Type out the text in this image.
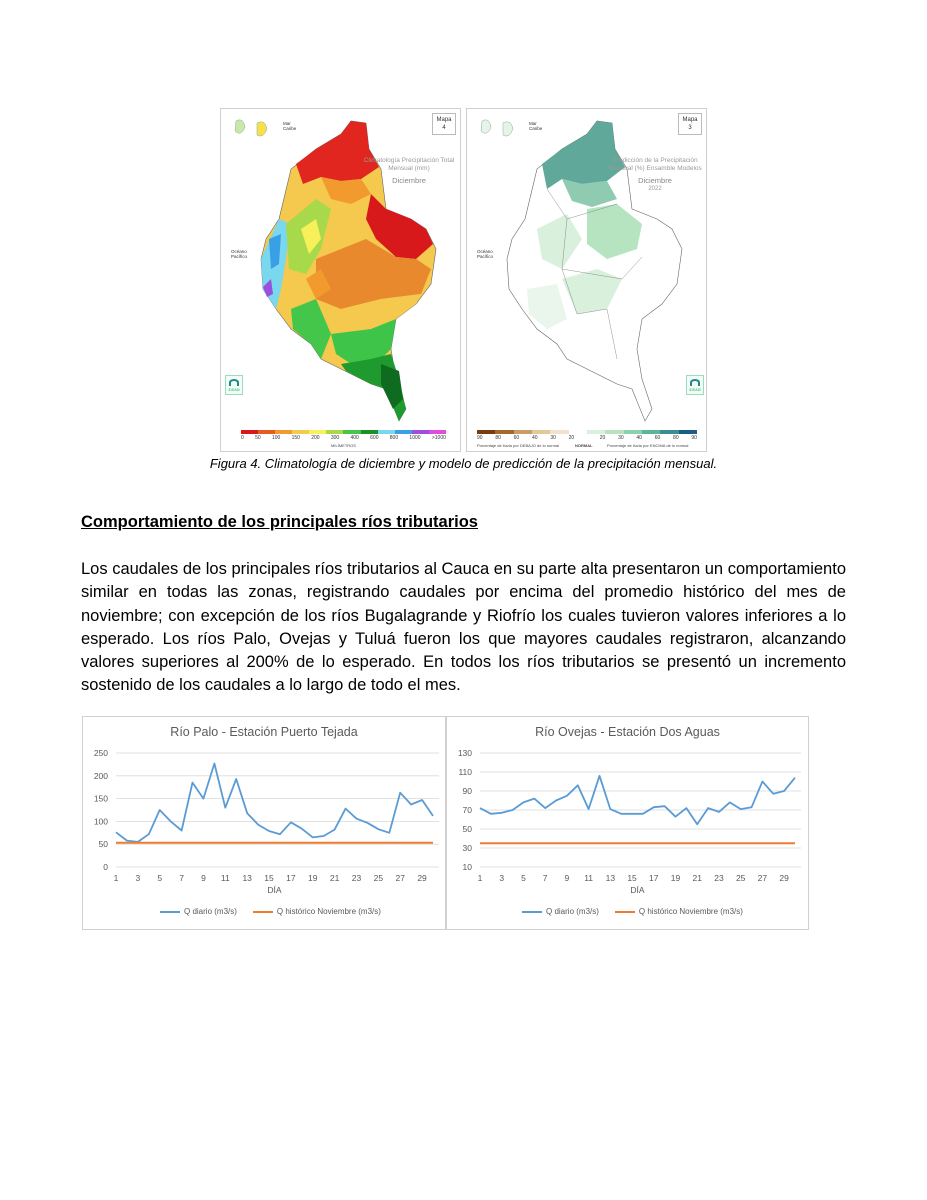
Mapa
4
Mar
Caribe
Océano
Pacífico
Climatología Precipitación Total Mensual (mm)
Diciembre
IDEAM
0 50 100 150 200 300 400 600 800 1000 >1000
MILÍMETROS
Mapa
3
Mar
Caribe
Océano
Pacífico
Predicción de la Precipitación Mensual (%) Ensamble Modelos
Diciembre
2022
IDEAM
90	80	60	40	30	20	20	30	40	60	80	90
Porcentaje de lluvia por DEBAJO de lo normal	NORMAL	Porcentaje de lluvia por ENCIMA de lo normal
Figura 4. Climatología de diciembre y modelo de predicción de la precipitación mensual.
Comportamiento de los principales ríos tributarios
Los caudales de los principales ríos tributarios al Cauca en su parte alta presentaron un comportamiento similar en todas las zonas, registrando caudales por encima del promedio histórico del mes de noviembre; con excepción de los ríos Bugalagrande y Riofrío los cuales tuvieron valores inferiores a lo esperado. Los ríos Palo, Ovejas y Tuluá fueron los que mayores caudales registraron, alcanzando valores superiores al 200% de lo esperado. En todos los ríos tributarios se presentó un incremento sostenido de los caudales a lo largo de todo el mes.
Río Palo - Estación Puerto Tejada
0
50
100
150
200
250
1 3 5 7 9 11 13 15 17 19 21 23 25 27 29
DÍA
Q diario (m3/s)	Q histórico Noviembre (m3/s)
Río Ovejas - Estación Dos Aguas
10
30
50
70
90
110
130
1 3 5 7 9 11 13 15 17 19 21 23 25 27 29
DÍA
Q diario (m3/s)	Q histórico Noviembre (m3/s)
